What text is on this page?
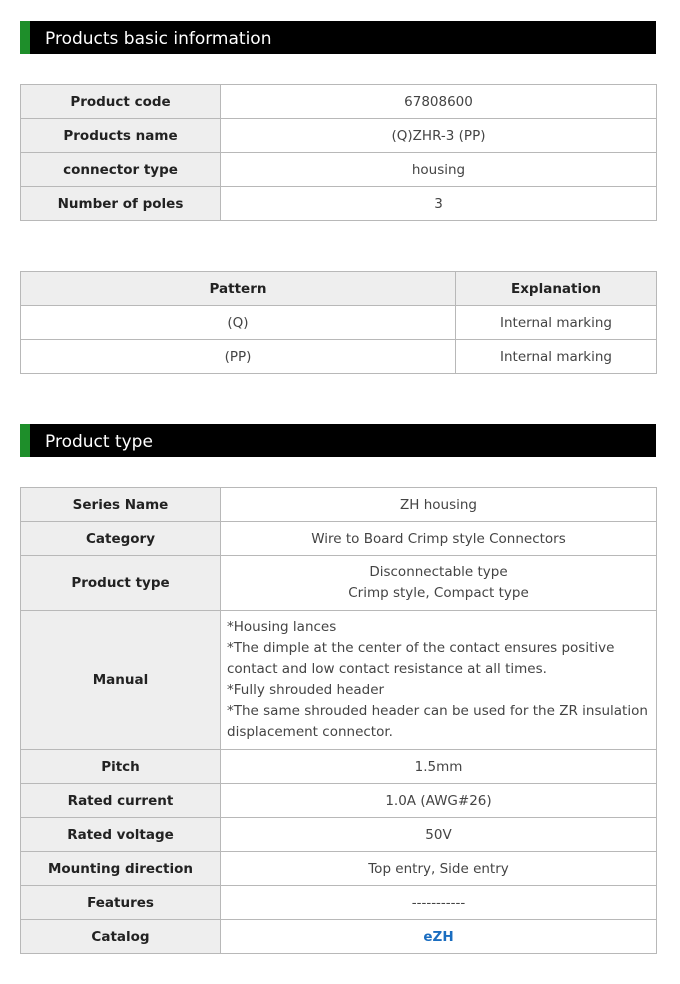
Products basic information
Product code	67808600
Products name	(Q)ZHR-3 (PP)
connector type	housing
Number of poles	3
Pattern	Explanation
(Q)	Internal marking
(PP)	Internal marking
Product type
Series Name	ZH housing
Category	Wire to Board Crimp style Connectors
Product type	Disconnectable type
Crimp style, Compact type

Manual	*Housing lances
*The dimple at the center of the contact ensures positive contact and low contact resistance at all times.
*Fully shrouded header
*The same shrouded header can be used for the ZR insulation displacement connector.

Pitch	1.5mm
Rated current	1.0A (AWG#26)
Rated voltage	50V
Mounting direction	Top entry, Side entry
Features	-----------
Catalog	eZH
